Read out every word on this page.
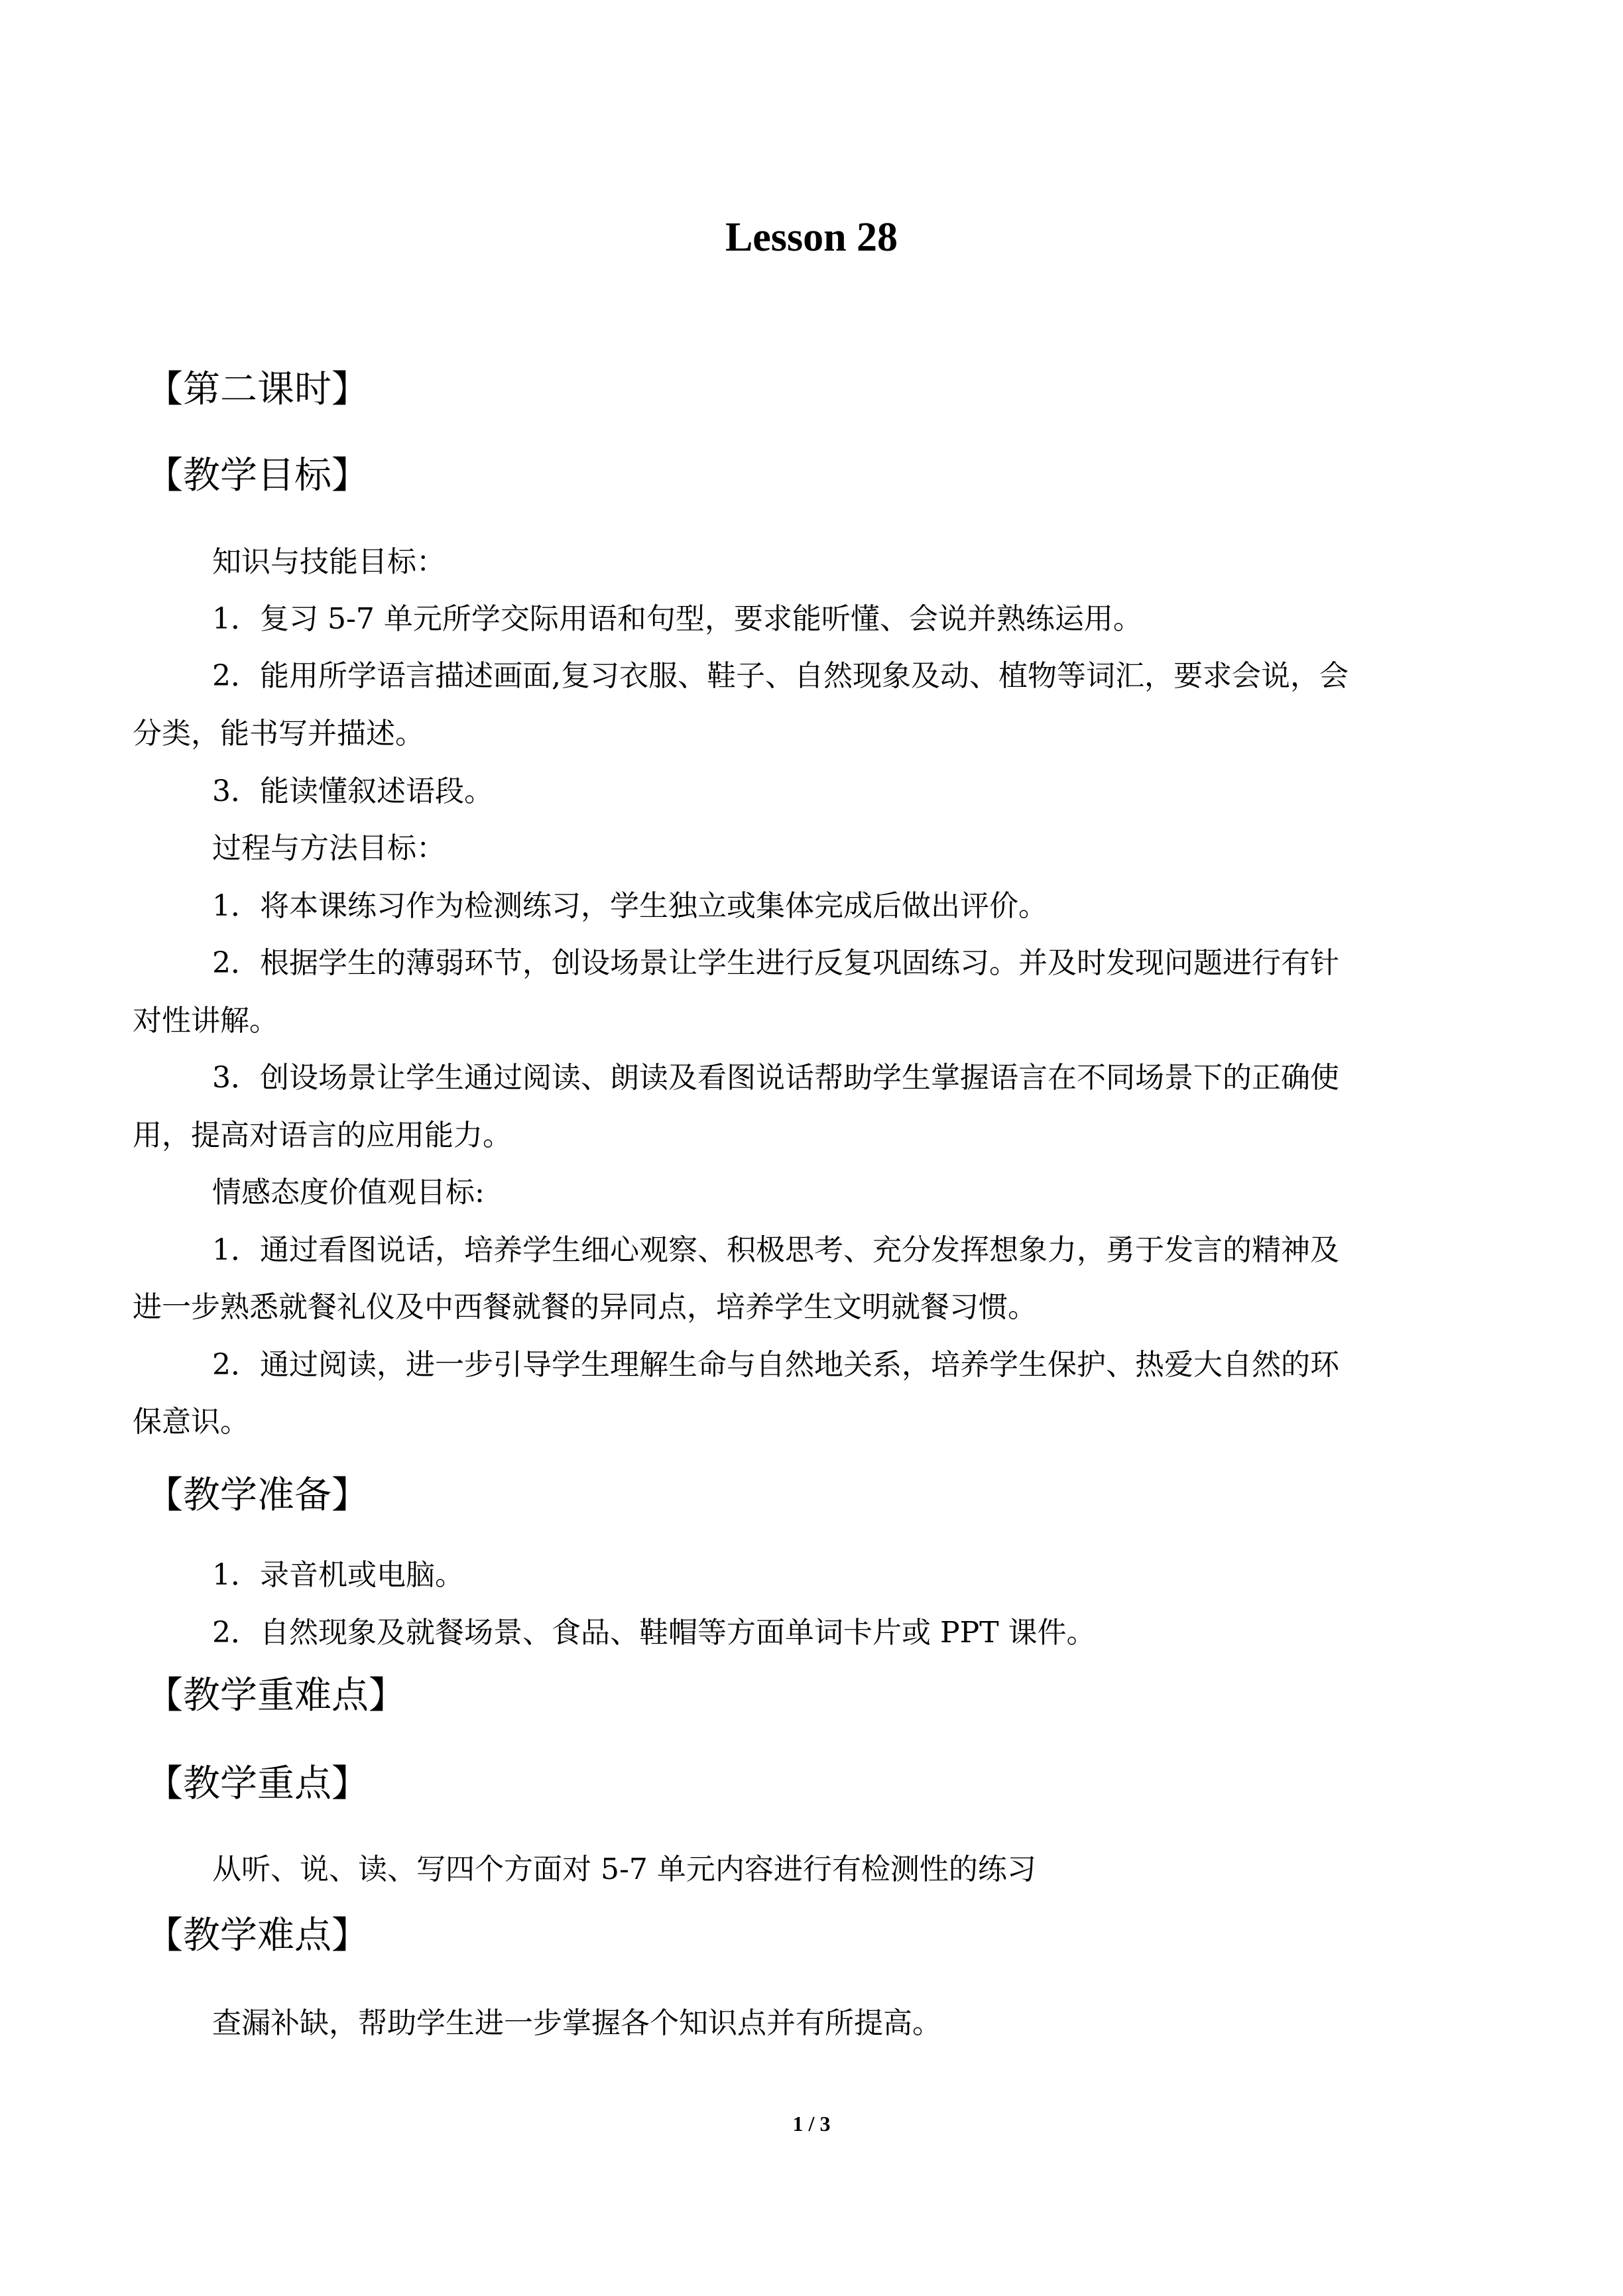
Lesson 28
【第二课时】
【教学目标】
知识与技能目标：
1．复习 5-7 单元所学交际用语和句型，要求能听懂、会说并熟练运用。
2．能用所学语言描述画面,复习衣服、鞋子、自然现象及动、植物等词汇，要求会说，会
分类，能书写并描述。
3．能读懂叙述语段。
过程与方法目标：
1．将本课练习作为检测练习，学生独立或集体完成后做出评价。
2．根据学生的薄弱环节，创设场景让学生进行反复巩固练习。并及时发现问题进行有针
对性讲解。
3．创设场景让学生通过阅读、朗读及看图说话帮助学生掌握语言在不同场景下的正确使
用，提高对语言的应用能力。
情感态度价值观目标:
1．通过看图说话，培养学生细心观察、积极思考、充分发挥想象力，勇于发言的精神及
进一步熟悉就餐礼仪及中西餐就餐的异同点，培养学生文明就餐习惯。
2．通过阅读，进一步引导学生理解生命与自然地关系，培养学生保护、热爱大自然的环
保意识。
【教学准备】
1．录音机或电脑。
2．自然现象及就餐场景、食品、鞋帽等方面单词卡片或 PPT 课件。
【教学重难点】
【教学重点】
从听、说、读、写四个方面对 5-7 单元内容进行有检测性的练习
【教学难点】
查漏补缺，帮助学生进一步掌握各个知识点并有所提高。
1 / 3
